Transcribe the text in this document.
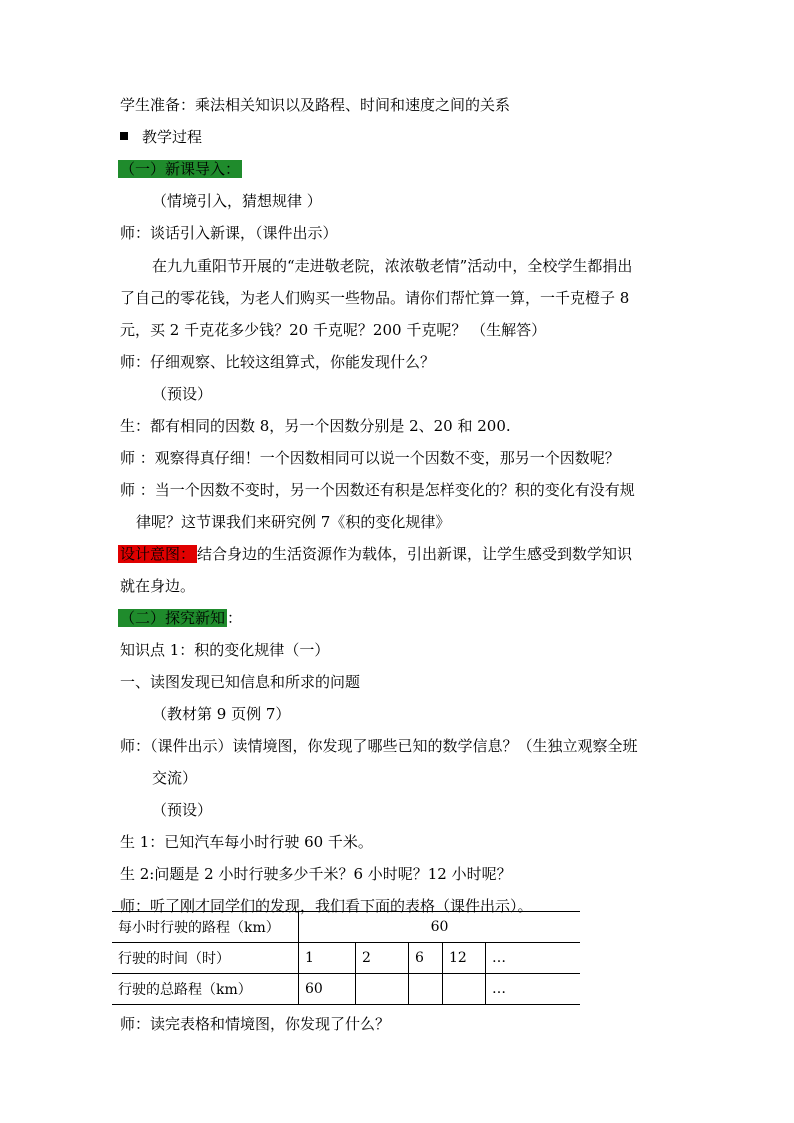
学生准备：乘法相关知识以及路程、时间和速度之间的关系
教学过程
（一）新课导入：
（情境引入，猜想规律 ）
师：谈话引入新课，（课件出示）
在九九重阳节开展的“走进敬老院，浓浓敬老情”活动中，全校学生都捐出
了自己的零花钱，为老人们购买一些物品。请你们帮忙算一算，一千克橙子 8
元，买 2 千克花多少钱？20 千克呢？200 千克呢？ （生解答）
师：仔细观察、比较这组算式，你能发现什么？
（预设）
生：都有相同的因数 8，另一个因数分别是 2、20 和 200.
师 ：观察得真仔细！一个因数相同可以说一个因数不变，那另一个因数呢？
师 ：当一个因数不变时，另一个因数还有积是怎样变化的？积的变化有没有规
律呢？这节课我们来研究例 7《积的变化规律》
设计意图： 结合身边的生活资源作为载体，引出新课，让学生感受到数学知识
就在身边。
（二）探究新知 ：
知识点 1：积的变化规律（一）
一、读图发现已知信息和所求的问题
（教材第 9 页例 7）
师：（课件出示）读情境图，你发现了哪些已知的数学信息？（生独立观察全班
交流）
（预设）
生 1：已知汽车每小时行驶 60 千米。
生 2:问题是 2 小时行驶多少千米？6 小时呢？12 小时呢？
师：听了刚才同学们的发现，我们看下面的表格（课件出示）。
每小时行驶的路程（km）	60				
行驶的时间（时）	1	2	6	12	…
行驶的总路程（km）	60				…
师：读完表格和情境图，你发现了什么？
